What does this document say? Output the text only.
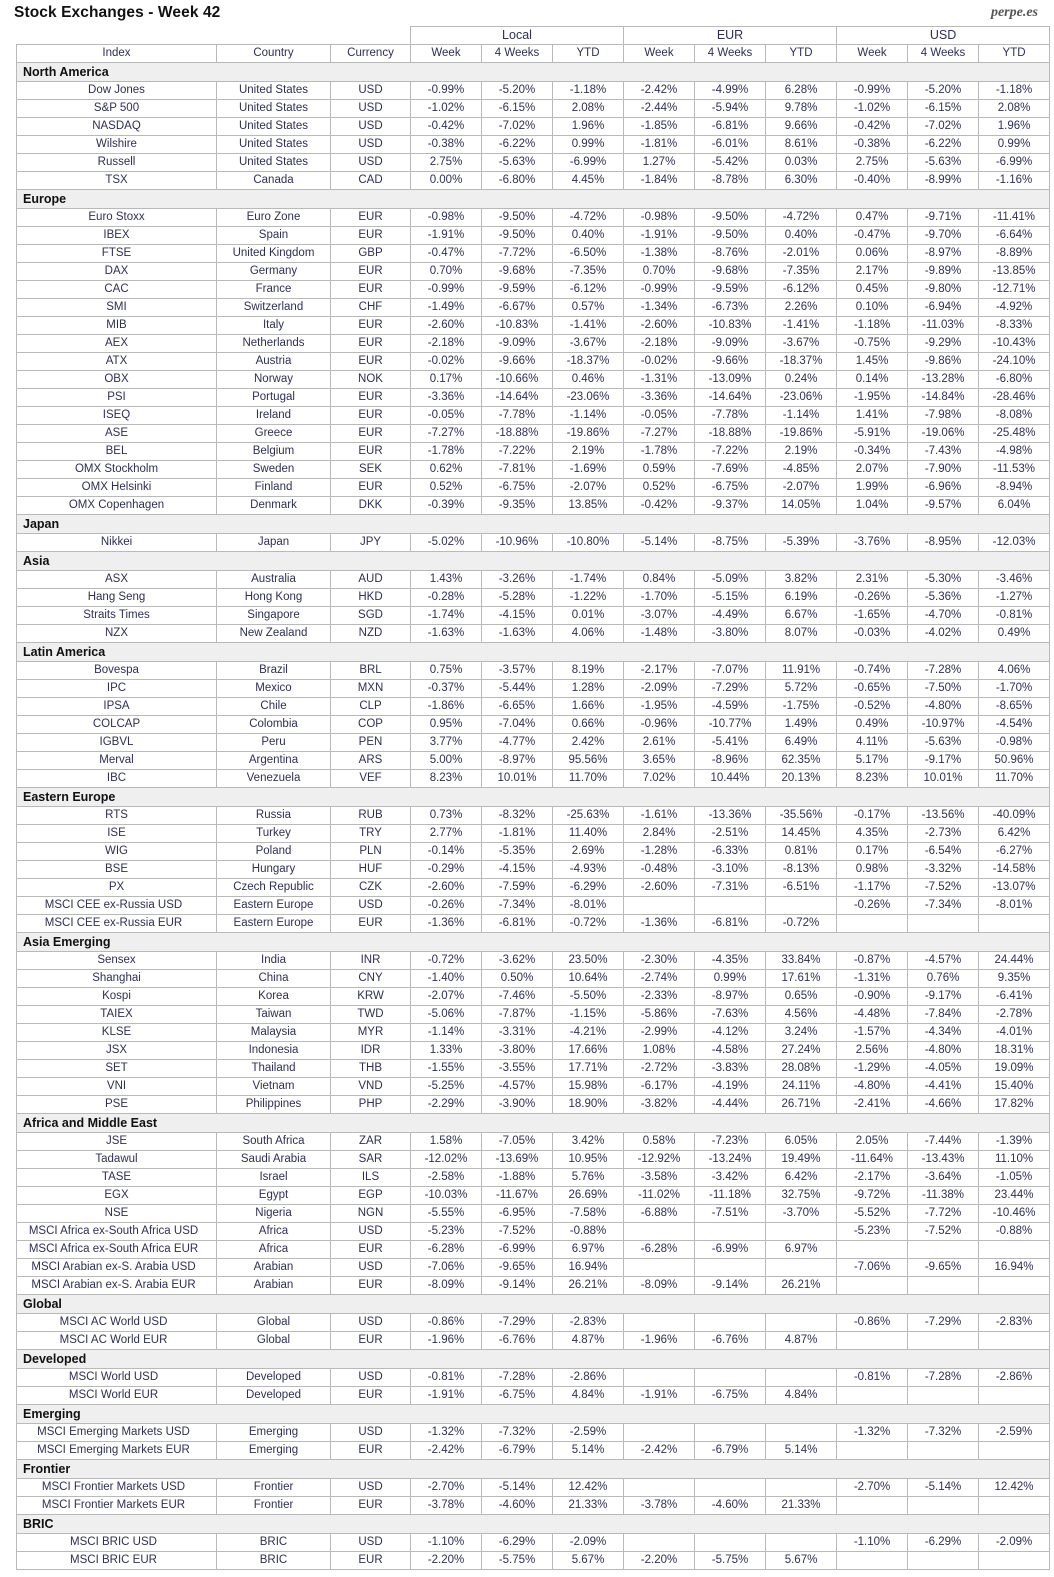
Stock Exchanges - Week 42	perpe.es
			Local			EUR			USD		
Index	Country	Currency	Week	4 Weeks	YTD	Week	4 Weeks	YTD	Week	4 Weeks	YTD
North America											
Dow Jones	United States	USD	-0.99%	-5.20%	-1.18%	-2.42%	-4.99%	6.28%	-0.99%	-5.20%	-1.18%
S&P 500	United States	USD	-1.02%	-6.15%	2.08%	-2.44%	-5.94%	9.78%	-1.02%	-6.15%	2.08%
NASDAQ	United States	USD	-0.42%	-7.02%	1.96%	-1.85%	-6.81%	9.66%	-0.42%	-7.02%	1.96%
Wilshire	United States	USD	-0.38%	-6.22%	0.99%	-1.81%	-6.01%	8.61%	-0.38%	-6.22%	0.99%
Russell	United States	USD	2.75%	-5.63%	-6.99%	1.27%	-5.42%	0.03%	2.75%	-5.63%	-6.99%
TSX	Canada	CAD	0.00%	-6.80%	4.45%	-1.84%	-8.78%	6.30%	-0.40%	-8.99%	-1.16%
Europe											
Euro Stoxx	Euro Zone	EUR	-0.98%	-9.50%	-4.72%	-0.98%	-9.50%	-4.72%	0.47%	-9.71%	-11.41%
IBEX	Spain	EUR	-1.91%	-9.50%	0.40%	-1.91%	-9.50%	0.40%	-0.47%	-9.70%	-6.64%
FTSE	United Kingdom	GBP	-0.47%	-7.72%	-6.50%	-1.38%	-8.76%	-2.01%	0.06%	-8.97%	-8.89%
DAX	Germany	EUR	0.70%	-9.68%	-7.35%	0.70%	-9.68%	-7.35%	2.17%	-9.89%	-13.85%
CAC	France	EUR	-0.99%	-9.59%	-6.12%	-0.99%	-9.59%	-6.12%	0.45%	-9.80%	-12.71%
SMI	Switzerland	CHF	-1.49%	-6.67%	0.57%	-1.34%	-6.73%	2.26%	0.10%	-6.94%	-4.92%
MIB	Italy	EUR	-2.60%	-10.83%	-1.41%	-2.60%	-10.83%	-1.41%	-1.18%	-11.03%	-8.33%
AEX	Netherlands	EUR	-2.18%	-9.09%	-3.67%	-2.18%	-9.09%	-3.67%	-0.75%	-9.29%	-10.43%
ATX	Austria	EUR	-0.02%	-9.66%	-18.37%	-0.02%	-9.66%	-18.37%	1.45%	-9.86%	-24.10%
OBX	Norway	NOK	0.17%	-10.66%	0.46%	-1.31%	-13.09%	0.24%	0.14%	-13.28%	-6.80%
PSI	Portugal	EUR	-3.36%	-14.64%	-23.06%	-3.36%	-14.64%	-23.06%	-1.95%	-14.84%	-28.46%
ISEQ	Ireland	EUR	-0.05%	-7.78%	-1.14%	-0.05%	-7.78%	-1.14%	1.41%	-7.98%	-8.08%
ASE	Greece	EUR	-7.27%	-18.88%	-19.86%	-7.27%	-18.88%	-19.86%	-5.91%	-19.06%	-25.48%
BEL	Belgium	EUR	-1.78%	-7.22%	2.19%	-1.78%	-7.22%	2.19%	-0.34%	-7.43%	-4.98%
OMX Stockholm	Sweden	SEK	0.62%	-7.81%	-1.69%	0.59%	-7.69%	-4.85%	2.07%	-7.90%	-11.53%
OMX Helsinki	Finland	EUR	0.52%	-6.75%	-2.07%	0.52%	-6.75%	-2.07%	1.99%	-6.96%	-8.94%
OMX Copenhagen	Denmark	DKK	-0.39%	-9.35%	13.85%	-0.42%	-9.37%	14.05%	1.04%	-9.57%	6.04%
Japan											
Nikkei	Japan	JPY	-5.02%	-10.96%	-10.80%	-5.14%	-8.75%	-5.39%	-3.76%	-8.95%	-12.03%
Asia											
ASX	Australia	AUD	1.43%	-3.26%	-1.74%	0.84%	-5.09%	3.82%	2.31%	-5.30%	-3.46%
Hang Seng	Hong Kong	HKD	-0.28%	-5.28%	-1.22%	-1.70%	-5.15%	6.19%	-0.26%	-5.36%	-1.27%
Straits Times	Singapore	SGD	-1.74%	-4.15%	0.01%	-3.07%	-4.49%	6.67%	-1.65%	-4.70%	-0.81%
NZX	New Zealand	NZD	-1.63%	-1.63%	4.06%	-1.48%	-3.80%	8.07%	-0.03%	-4.02%	0.49%
Latin America											
Bovespa	Brazil	BRL	0.75%	-3.57%	8.19%	-2.17%	-7.07%	11.91%	-0.74%	-7.28%	4.06%
IPC	Mexico	MXN	-0.37%	-5.44%	1.28%	-2.09%	-7.29%	5.72%	-0.65%	-7.50%	-1.70%
IPSA	Chile	CLP	-1.86%	-6.65%	1.66%	-1.95%	-4.59%	-1.75%	-0.52%	-4.80%	-8.65%
COLCAP	Colombia	COP	0.95%	-7.04%	0.66%	-0.96%	-10.77%	1.49%	0.49%	-10.97%	-4.54%
IGBVL	Peru	PEN	3.77%	-4.77%	2.42%	2.61%	-5.41%	6.49%	4.11%	-5.63%	-0.98%
Merval	Argentina	ARS	5.00%	-8.97%	95.56%	3.65%	-8.96%	62.35%	5.17%	-9.17%	50.96%
IBC	Venezuela	VEF	8.23%	10.01%	11.70%	7.02%	10.44%	20.13%	8.23%	10.01%	11.70%
Eastern Europe											
RTS	Russia	RUB	0.73%	-8.32%	-25.63%	-1.61%	-13.36%	-35.56%	-0.17%	-13.56%	-40.09%
ISE	Turkey	TRY	2.77%	-1.81%	11.40%	2.84%	-2.51%	14.45%	4.35%	-2.73%	6.42%
WIG	Poland	PLN	-0.14%	-5.35%	2.69%	-1.28%	-6.33%	0.81%	0.17%	-6.54%	-6.27%
BSE	Hungary	HUF	-0.29%	-4.15%	-4.93%	-0.48%	-3.10%	-8.13%	0.98%	-3.32%	-14.58%
PX	Czech Republic	CZK	-2.60%	-7.59%	-6.29%	-2.60%	-7.31%	-6.51%	-1.17%	-7.52%	-13.07%
MSCI CEE ex-Russia USD	Eastern Europe	USD	-0.26%	-7.34%	-8.01%				-0.26%	-7.34%	-8.01%
MSCI CEE ex-Russia EUR	Eastern Europe	EUR	-1.36%	-6.81%	-0.72%	-1.36%	-6.81%	-0.72%			
Asia Emerging											
Sensex	India	INR	-0.72%	-3.62%	23.50%	-2.30%	-4.35%	33.84%	-0.87%	-4.57%	24.44%
Shanghai	China	CNY	-1.40%	0.50%	10.64%	-2.74%	0.99%	17.61%	-1.31%	0.76%	9.35%
Kospi	Korea	KRW	-2.07%	-7.46%	-5.50%	-2.33%	-8.97%	0.65%	-0.90%	-9.17%	-6.41%
TAIEX	Taiwan	TWD	-5.06%	-7.87%	-1.15%	-5.86%	-7.63%	4.56%	-4.48%	-7.84%	-2.78%
KLSE	Malaysia	MYR	-1.14%	-3.31%	-4.21%	-2.99%	-4.12%	3.24%	-1.57%	-4.34%	-4.01%
JSX	Indonesia	IDR	1.33%	-3.80%	17.66%	1.08%	-4.58%	27.24%	2.56%	-4.80%	18.31%
SET	Thailand	THB	-1.55%	-3.55%	17.71%	-2.72%	-3.83%	28.08%	-1.29%	-4.05%	19.09%
VNI	Vietnam	VND	-5.25%	-4.57%	15.98%	-6.17%	-4.19%	24.11%	-4.80%	-4.41%	15.40%
PSE	Philippines	PHP	-2.29%	-3.90%	18.90%	-3.82%	-4.44%	26.71%	-2.41%	-4.66%	17.82%
Africa and Middle East											
JSE	South Africa	ZAR	1.58%	-7.05%	3.42%	0.58%	-7.23%	6.05%	2.05%	-7.44%	-1.39%
Tadawul	Saudi Arabia	SAR	-12.02%	-13.69%	10.95%	-12.92%	-13.24%	19.49%	-11.64%	-13.43%	11.10%
TASE	Israel	ILS	-2.58%	-1.88%	5.76%	-3.58%	-3.42%	6.42%	-2.17%	-3.64%	-1.05%
EGX	Egypt	EGP	-10.03%	-11.67%	26.69%	-11.02%	-11.18%	32.75%	-9.72%	-11.38%	23.44%
NSE	Nigeria	NGN	-5.55%	-6.95%	-7.58%	-6.88%	-7.51%	-3.70%	-5.52%	-7.72%	-10.46%
MSCI Africa ex-South Africa USD	Africa	USD	-5.23%	-7.52%	-0.88%				-5.23%	-7.52%	-0.88%
MSCI Africa ex-South Africa EUR	Africa	EUR	-6.28%	-6.99%	6.97%	-6.28%	-6.99%	6.97%			
MSCI Arabian ex-S. Arabia USD	Arabian	USD	-7.06%	-9.65%	16.94%				-7.06%	-9.65%	16.94%
MSCI Arabian ex-S. Arabia EUR	Arabian	EUR	-8.09%	-9.14%	26.21%	-8.09%	-9.14%	26.21%			
Global											
MSCI AC World USD	Global	USD	-0.86%	-7.29%	-2.83%				-0.86%	-7.29%	-2.83%
MSCI AC World EUR	Global	EUR	-1.96%	-6.76%	4.87%	-1.96%	-6.76%	4.87%			
Developed											
MSCI World USD	Developed	USD	-0.81%	-7.28%	-2.86%				-0.81%	-7.28%	-2.86%
MSCI World EUR	Developed	EUR	-1.91%	-6.75%	4.84%	-1.91%	-6.75%	4.84%			
Emerging											
MSCI Emerging Markets USD	Emerging	USD	-1.32%	-7.32%	-2.59%				-1.32%	-7.32%	-2.59%
MSCI Emerging Markets EUR	Emerging	EUR	-2.42%	-6.79%	5.14%	-2.42%	-6.79%	5.14%			
Frontier											
MSCI Frontier Markets USD	Frontier	USD	-2.70%	-5.14%	12.42%				-2.70%	-5.14%	12.42%
MSCI Frontier Markets EUR	Frontier	EUR	-3.78%	-4.60%	21.33%	-3.78%	-4.60%	21.33%			
BRIC											
MSCI BRIC USD	BRIC	USD	-1.10%	-6.29%	-2.09%				-1.10%	-6.29%	-2.09%
MSCI BRIC EUR	BRIC	EUR	-2.20%	-5.75%	5.67%	-2.20%	-5.75%	5.67%			
